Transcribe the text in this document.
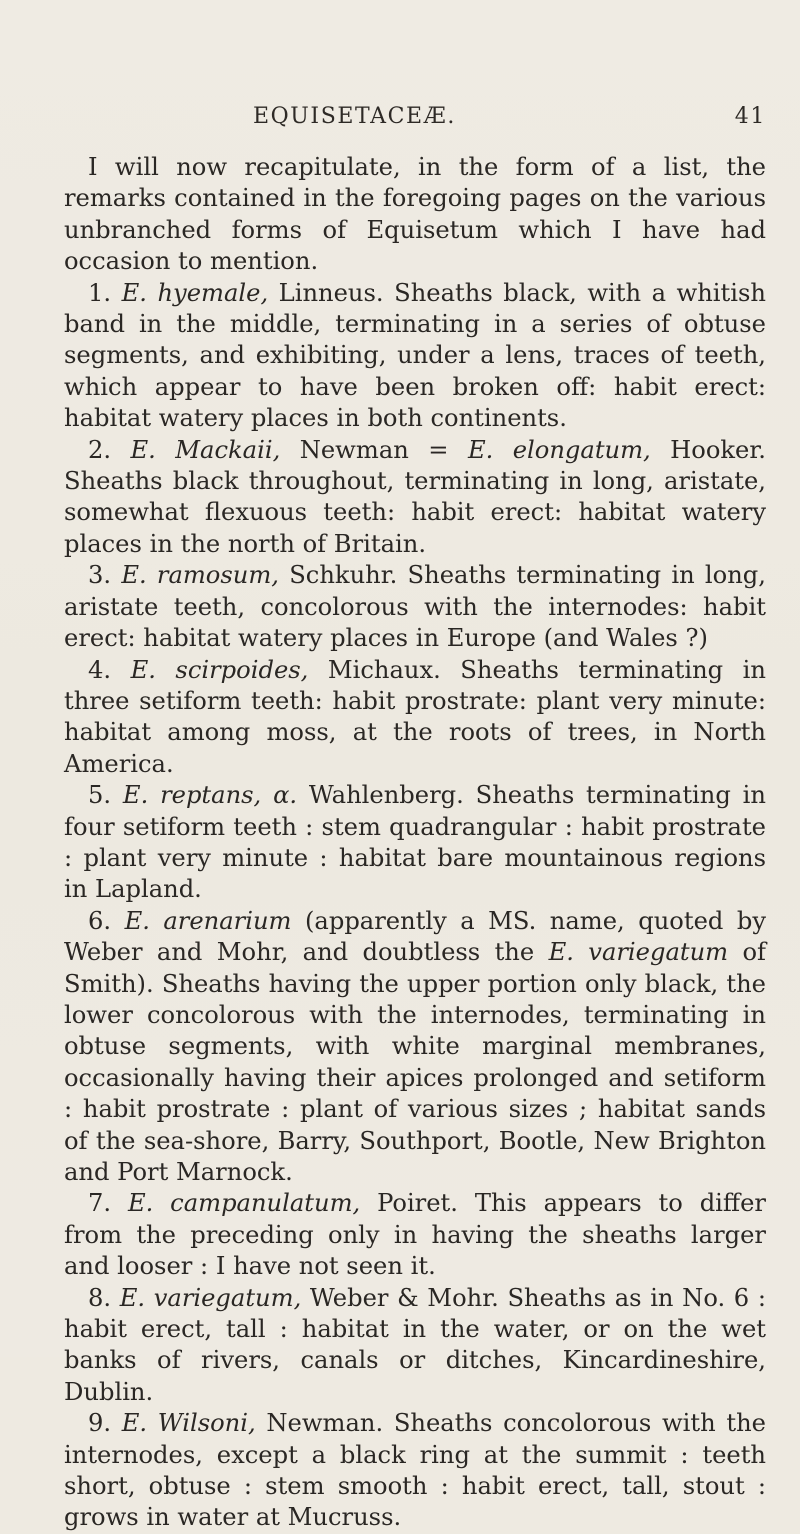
EQUISETACEÆ.	41

I will now recapitulate, in the form of a list, the remarks contained in the foregoing pages on the various unbranched forms of Equisetum which I have had occasion to mention.

1. E. hyemale, Linneus. Sheaths black, with a whitish band in the middle, terminating in a series of obtuse segments, and exhibiting, under a lens, traces of teeth, which appear to have been broken off: habit erect: habitat watery places in both continents.

2. E. Mackaii, Newman = E. elongatum, Hooker. Sheaths black throughout, terminating in long, aristate, somewhat flexuous teeth: habit erect: habitat watery places in the north of Britain.

3. E. ramosum, Schkuhr. Sheaths terminating in long, aristate teeth, concolorous with the internodes: habit erect: habitat watery places in Europe (and Wales ?)

4. E. scirpoides, Michaux. Sheaths terminating in three setiform teeth: habit prostrate: plant very minute: habitat among moss, at the roots of trees, in North America.

5. E. reptans, α. Wahlenberg. Sheaths terminating in four setiform teeth : stem quadrangular : habit prostrate : plant very minute : habitat bare mountainous regions in Lapland.

6. E. arenarium (apparently a MS. name, quoted by Weber and Mohr, and doubtless the E. variegatum of Smith). Sheaths having the upper portion only black, the lower concolorous with the internodes, terminating in obtuse segments, with white marginal membranes, occasionally having their apices prolonged and setiform : habit prostrate : plant of various sizes ; habitat sands of the sea-shore, Barry, Southport, Bootle, New Brighton and Port Marnock.

7. E. campanulatum, Poiret. This appears to differ from the preceding only in having the sheaths larger and looser : I have not seen it.

8. E. variegatum, Weber & Mohr. Sheaths as in No. 6 : habit erect, tall : habitat in the water, or on the wet banks of rivers, canals or ditches, Kincardineshire, Dublin.

9. E. Wilsoni, Newman. Sheaths concolorous with the internodes, except a black ring at the summit : teeth short, obtuse : stem smooth : habit erect, tall, stout : grows in water at Mucruss.
